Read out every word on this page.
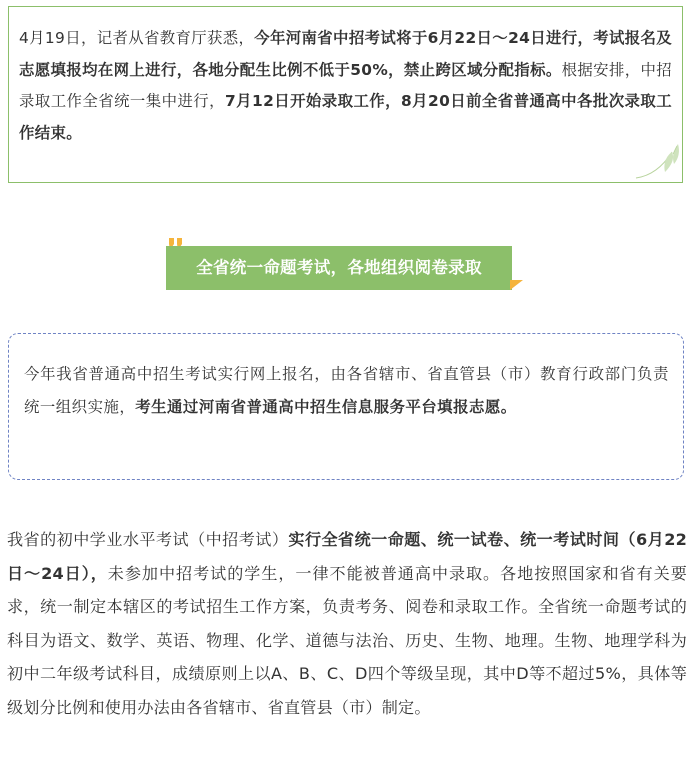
4月19日，记者从省教育厅获悉，今年河南省中招考试将于6月22日～24日进行，考试报名及志愿填报均在网上进行，各地分配生比例不低于50%，禁止跨区域分配指标。根据安排，中招录取工作全省统一集中进行，7月12日开始录取工作，8月20日前全省普通高中各批次录取工作结束。

全省统一命题考试，各地组织阅卷录取

今年我省普通高中招生考试实行网上报名，由各省辖市、省直管县（市）教育行政部门负责统一组织实施，考生通过河南省普通高中招生信息服务平台填报志愿。

我省的初中学业水平考试（中招考试）实行全省统一命题、统一试卷、统一考试时间（6月22日～24日），未参加中招考试的学生，一律不能被普通高中录取。各地按照国家和省有关要求，统一制定本辖区的考试招生工作方案，负责考务、阅卷和录取工作。全省统一命题考试的科目为语文、数学、英语、物理、化学、道德与法治、历史、生物、地理。生物、地理学科为初中二年级考试科目，成绩原则上以A、B、C、D四个等级呈现，其中D等不超过5%，具体等级划分比例和使用办法由各省辖市、省直管县（市）制定。
